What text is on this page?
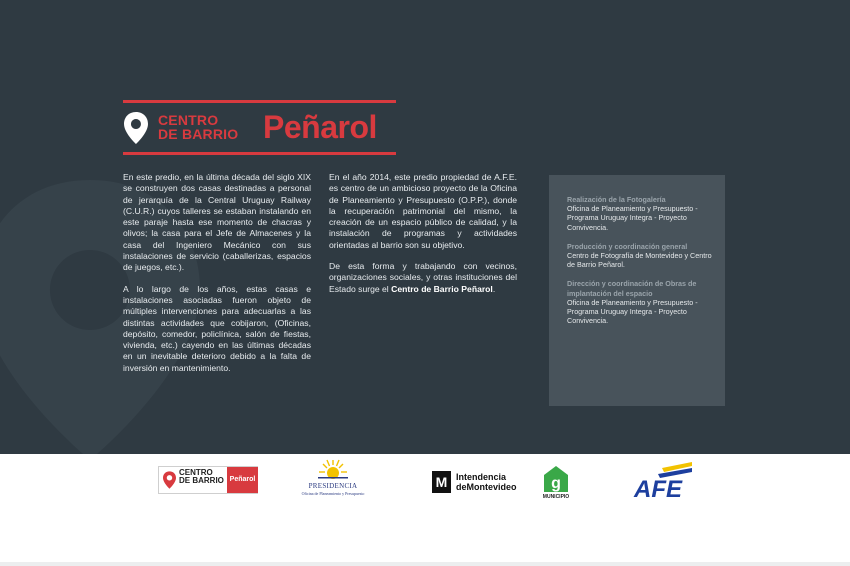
CENTRO
DE BARRIO Peñarol

En este predio, en la última década del siglo XIX se construyen dos casas destinadas a personal de jerarquía de la Central Uruguay Railway (C.U.R.) cuyos talleres se estaban instalando en este paraje hasta ese momento de chacras y olivos; la casa para el Jefe de Almacenes y la casa del Ingeniero Mecánico con sus instalaciones de servicio (caballerizas, espacios de juegos, etc.).

A lo largo de los años, estas casas e instalaciones asociadas fueron objeto de múltiples intervenciones para adecuarlas a las distintas actividades que cobijaron, (Oficinas, depósito, comedor, policlínica, salón de fiestas, vivienda, etc.) cayendo en las últimas décadas en un inevitable deterioro debido a la falta de inversión en mantenimiento.

En el año 2014, este predio propiedad de A.F.E. es centro de un ambicioso proyecto de la Oficina de Planeamiento y Presupuesto (O.P.P.), donde la recuperación patrimonial del mismo, la creación de un espacio público de calidad, y la instalación de programas y actividades orientadas al barrio son su objetivo.

De esta forma y trabajando con vecinos, organizaciones sociales, y otras instituciones del Estado surge el Centro de Barrio Peñarol.

Realización de la Fotogalería
Oficina de Planeamiento y Presupuesto - Programa Uruguay Integra - Proyecto Convivencia.
Producción y coordinación general
Centro de Fotografía de Montevideo y Centro de Barrio Peñarol.
Dirección y coordinación de Obras de implantación del espacio
Oficina de Planeamiento y Presupuesto - Programa Uruguay Integra - Proyecto Convivencia.
CENTRO
DE BARRIO Peñarol
PRESIDENCIA
Oficina de Planeamiento y Presupuesto
M Intendencia
deMontevideo g
MUNICIPIO	AFE
